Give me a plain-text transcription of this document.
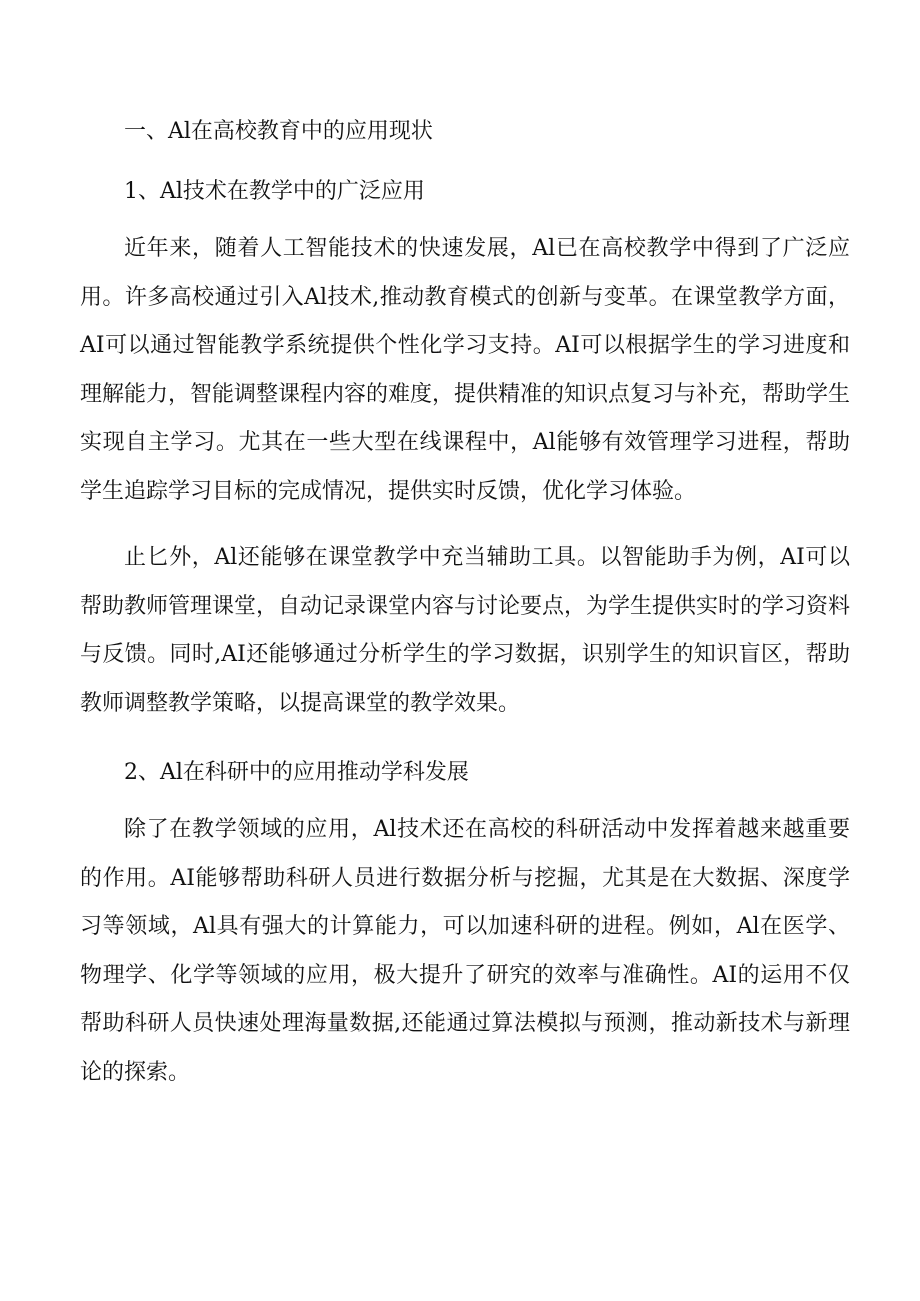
一、Al在高校教育中的应用现状

1、Al技术在教学中的广泛应用

近年来，随着人工智能技术的快速发展，Al已在高校教学中得到了广泛应用。许多高校通过引入Al技术,推动教育模式的创新与变革。在课堂教学方面，AI可以通过智能教学系统提供个性化学习支持。AI可以根据学生的学习进度和理解能力，智能调整课程内容的难度，提供精准的知识点复习与补充，帮助学生实现自主学习。尤其在一些大型在线课程中，Al能够有效管理学习进程，帮助学生追踪学习目标的完成情况，提供实时反馈，优化学习体验。

止匕外，Al还能够在课堂教学中充当辅助工具。以智能助手为例，AI可以帮助教师管理课堂，自动记录课堂内容与讨论要点，为学生提供实时的学习资料与反馈。同时,AI还能够通过分析学生的学习数据，识别学生的知识盲区，帮助教师调整教学策略，以提高课堂的教学效果。

2、Al在科研中的应用推动学科发展

除了在教学领域的应用，Al技术还在高校的科研活动中发挥着越来越重要的作用。AI能够帮助科研人员进行数据分析与挖掘，尤其是在大数据、深度学习等领域，Al具有强大的计算能力，可以加速科研的进程。例如，Al在医学、物理学、化学等领域的应用，极大提升了研究的效率与准确性。AI的运用不仅帮助科研人员快速处理海量数据,还能通过算法模拟与预测，推动新技术与新理论的探索。
